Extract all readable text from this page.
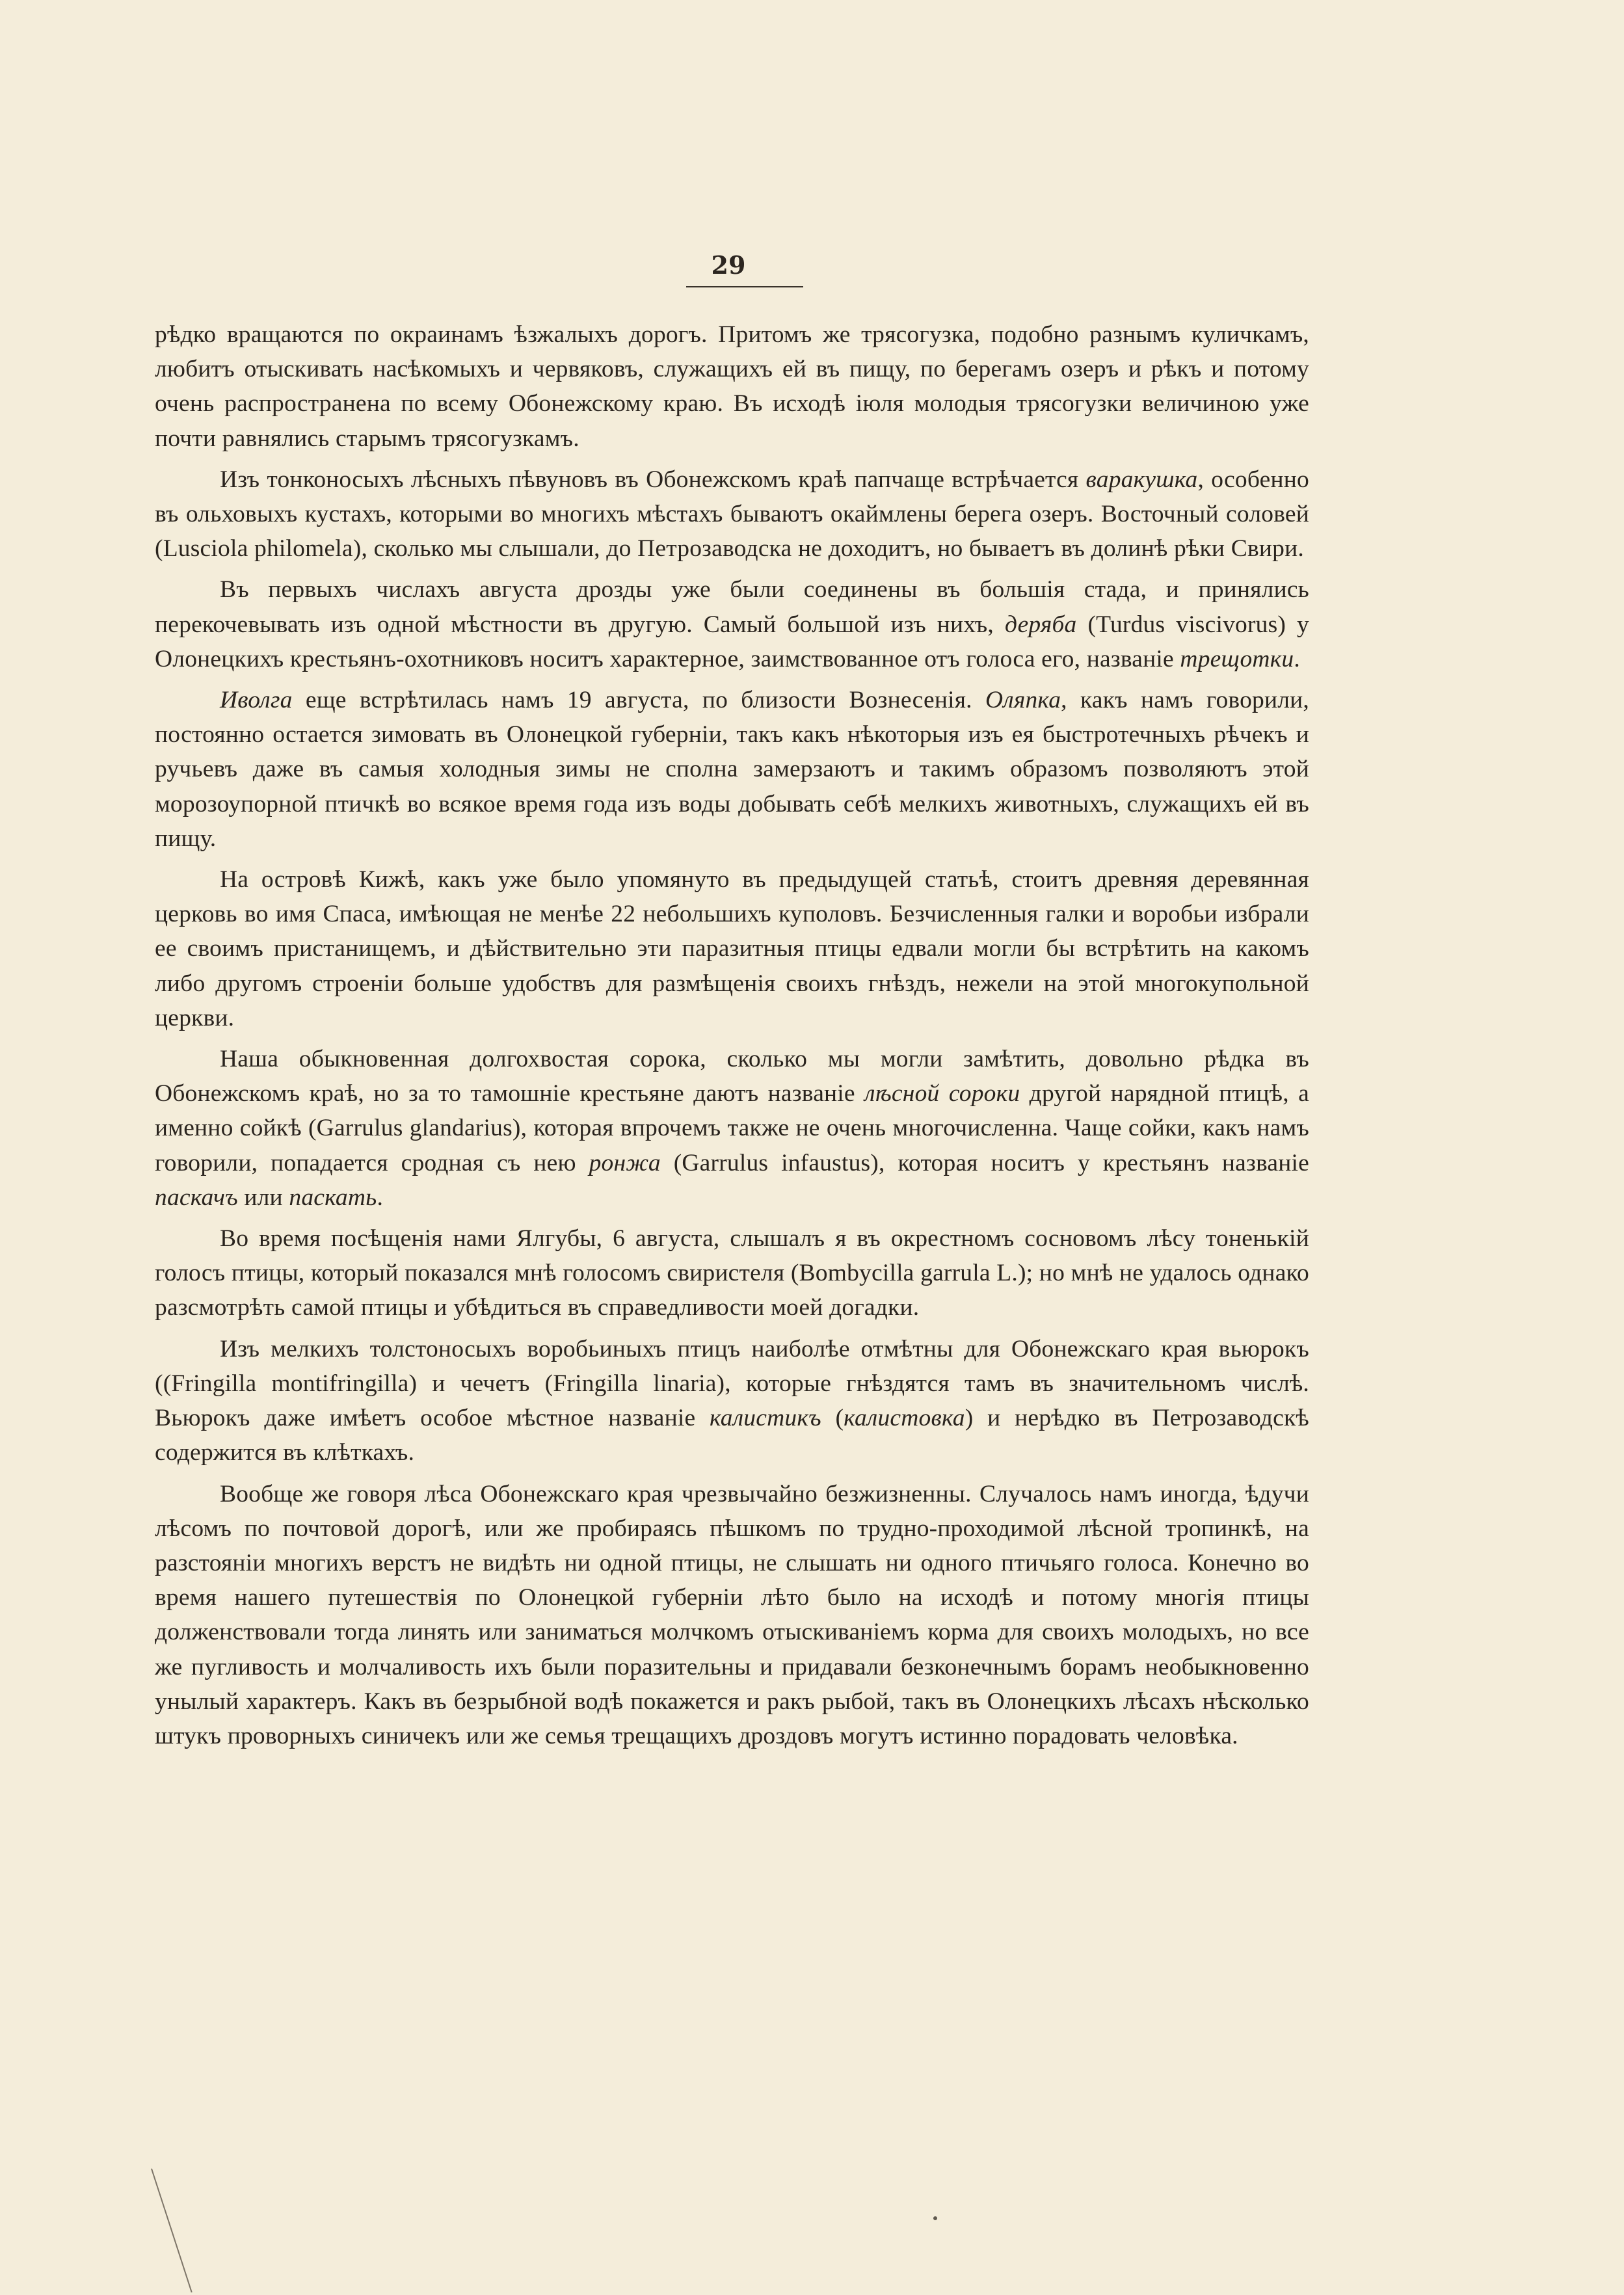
29

рѣдко вращаются по окраинамъ ѣзжалыхъ дорогъ. Притомъ же трясогузка, подобно разнымъ куличкамъ, любитъ отыскивать насѣкомыхъ и червяковъ, служащихъ ей въ пищу, по берегамъ озеръ и рѣкъ и потому очень распространена по всему Обонежскому краю. Въ исходѣ іюля молодыя трясогузки величиною уже почти равнялись старымъ трясогузкамъ.

Изъ тонконосыхъ лѣсныхъ пѣвуновъ въ Обонежскомъ краѣ папчаще встрѣчается варакушка, особенно въ ольховыхъ кустахъ, которыми во многихъ мѣстахъ бываютъ окаймлены берега озеръ. Восточный соловей (Lusciola philomela), сколько мы слышали, до Петрозаводска не доходитъ, но бываетъ въ долинѣ рѣки Свири.

Въ первыхъ числахъ августа дрозды уже были соединены въ большія стада, и принялись перекочевывать изъ одной мѣстности въ другую. Самый большой изъ нихъ, деряба (Turdus viscivorus) у Олонецкихъ крестьянъ-охотниковъ носитъ характерное, заимствованное отъ голоса его, названіе трещотки.

Иволга еще встрѣтилась намъ 19 августа, по близости Вознесенія. Оляпка, какъ намъ говорили, постоянно остается зимовать въ Олонецкой губерніи, такъ какъ нѣкоторыя изъ ея быстротечныхъ рѣчекъ и ручьевъ даже въ самыя холодныя зимы не сполна замерзаютъ и такимъ образомъ позволяютъ этой морозоупорной птичкѣ во всякое время года изъ воды добывать себѣ мелкихъ животныхъ, служащихъ ей въ пищу.

На островѣ Кижѣ, какъ уже было упомянуто въ предыдущей статьѣ, стоитъ древняя деревянная церковь во имя Спаса, имѣющая не менѣе 22 небольшихъ куполовъ. Безчисленныя галки и воробьи избрали ее своимъ пристанищемъ, и дѣйствительно эти паразитныя птицы едвали могли бы встрѣтить на какомъ либо другомъ строеніи больше удобствъ для размѣщенія своихъ гнѣздъ, нежели на этой многокупольной церкви.

Наша обыкновенная долгохвостая сорока, сколько мы могли замѣтить, довольно рѣдка въ Обонежскомъ краѣ, но за то тамошніе крестьяне даютъ названіе лѣсной сороки другой нарядной птицѣ, а именно сойкѣ (Garrulus glandarius), которая впрочемъ также не очень многочисленна. Чаще сойки, какъ намъ говорили, попадается сродная съ нею ронжа (Garrulus infaustus), которая носитъ у крестьянъ названіе паскачъ или паскать.

Во время посѣщенія нами Ялгубы, 6 августа, слышалъ я въ окрестномъ сосновомъ лѣсу тоненькій голосъ птицы, который показался мнѣ голосомъ свиристеля (Bombycilla garrula L.); но мнѣ не удалось однако разсмотрѣть самой птицы и убѣдиться въ справедливости моей догадки.

Изъ мелкихъ толстоносыхъ воробьиныхъ птицъ наиболѣе отмѣтны для Обонежскаго края вьюрокъ ((Fringilla montifringilla) и чечетъ (Fringilla linaria), которые гнѣздятся тамъ въ значительномъ числѣ. Вьюрокъ даже имѣетъ особое мѣстное названіе калистикъ (калистовка) и нерѣдко въ Петрозаводскѣ содержится въ клѣткахъ.

Вообще же говоря лѣса Обонежскаго края чрезвычайно безжизненны. Случалось намъ иногда, ѣдучи лѣсомъ по почтовой дорогѣ, или же пробираясь пѣшкомъ по трудно-проходимой лѣсной тропинкѣ, на разстояніи многихъ верстъ не видѣть ни одной птицы, не слышать ни одного птичьяго голоса. Конечно во время нашего путешествія по Олонецкой губерніи лѣто было на исходѣ и потому многія птицы долженствовали тогда линять или заниматься молчкомъ отыскиваніемъ корма для своихъ молодыхъ, но все же пугливость и молчаливость ихъ были поразительны и придавали безконечнымъ борамъ необыкновенно унылый характеръ. Какъ въ безрыбной водѣ покажется и ракъ рыбой, такъ въ Олонецкихъ лѣсахъ нѣсколько штукъ проворныхъ синичекъ или же семья трещащихъ дроздовъ могутъ истинно порадовать человѣка.
